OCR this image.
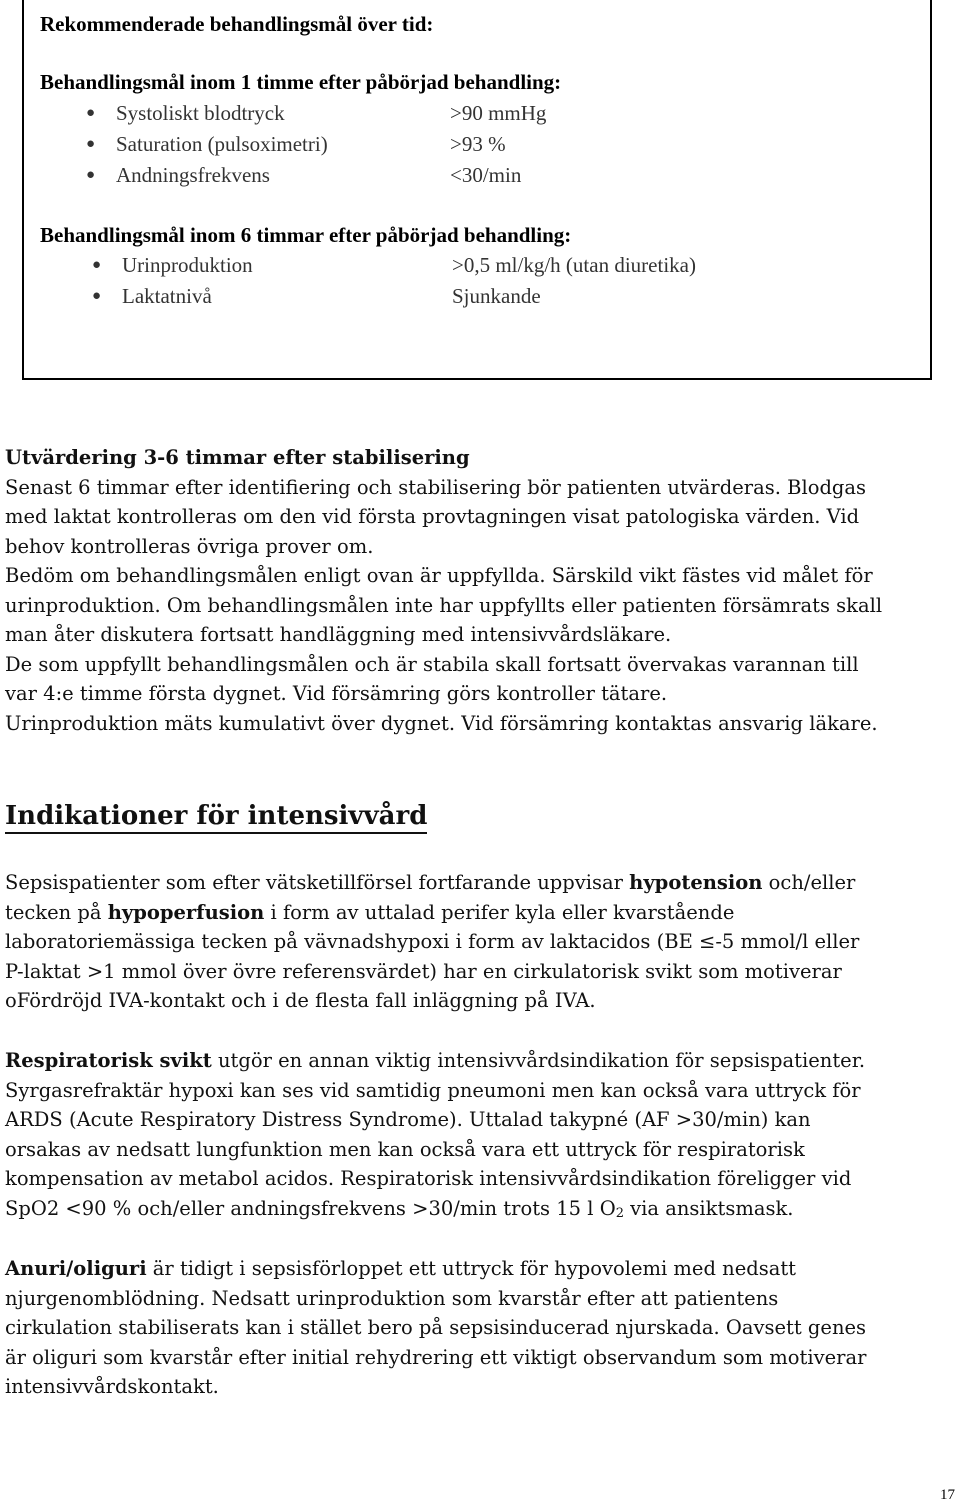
Rekommenderade behandlingsmål över tid:
Behandlingsmål inom 1 timme efter påbörjad behandling:
● Systoliskt blodtryck	>90 mmHg
● Saturation (pulsoximetri)	>93 %
● Andningsfrekvens	<30/min
Behandlingsmål inom 6 timmar efter påbörjad behandling:
● Urinproduktion	>0,5 ml/kg/h (utan diuretika)
● Laktatnivå	Sjunkande
Utvärdering 3-6 timmar efter stabilisering
Senast 6 timmar efter identifiering och stabilisering bör patienten utvärderas. Blodgas
med laktat kontrolleras om den vid första provtagningen visat patologiska värden. Vid
behov kontrolleras övriga prover om.
Bedöm om behandlingsmålen enligt ovan är uppfyllda. Särskild vikt fästes vid målet för
urinproduktion. Om behandlingsmålen inte har uppfyllts eller patienten försämrats skall
man åter diskutera fortsatt handläggning med intensivvårdsläkare.
De som uppfyllt behandlingsmålen och är stabila skall fortsatt övervakas varannan till
var 4:e timme första dygnet. Vid försämring görs kontroller tätare.
Urinproduktion mäts kumulativt över dygnet. Vid försämring kontaktas ansvarig läkare.
Indikationer för intensivvård
Sepsispatienter som efter vätsketillförsel fortfarande uppvisar hypotension och/eller
tecken på hypoperfusion i form av uttalad perifer kyla eller kvarstående
laboratoriemässiga tecken på vävnadshypoxi i form av laktacidos (BE ≤-5 mmol/l eller
P-laktat >1 mmol över övre referensvärdet) har en cirkulatorisk svikt som motiverar
oFördröjd IVA-kontakt och i de flesta fall inläggning på IVA.
Respiratorisk svikt utgör en annan viktig intensivvårdsindikation för sepsispatienter.
Syrgasrefraktär hypoxi kan ses vid samtidig pneumoni men kan också vara uttryck för
ARDS (Acute Respiratory Distress Syndrome). Uttalad takypné (AF >30/min) kan
orsakas av nedsatt lungfunktion men kan också vara ett uttryck för respiratorisk
kompensation av metabol acidos. Respiratorisk intensivvårdsindikation föreligger vid
SpO2 <90 % och/eller andningsfrekvens >30/min trots 15 l $O_2$ via ansiktsmask.
Anuri/oliguri är tidigt i sepsisförloppet ett uttryck för hypovolemi med nedsatt
njurgenomblödning. Nedsatt urinproduktion som kvarstår efter att patientens
cirkulation stabiliserats kan i stället bero på sepsisinducerad njurskada. Oavsett genes
är oliguri som kvarstår efter initial rehydrering ett viktigt observandum som motiverar
intensivvårdskontakt.
17
